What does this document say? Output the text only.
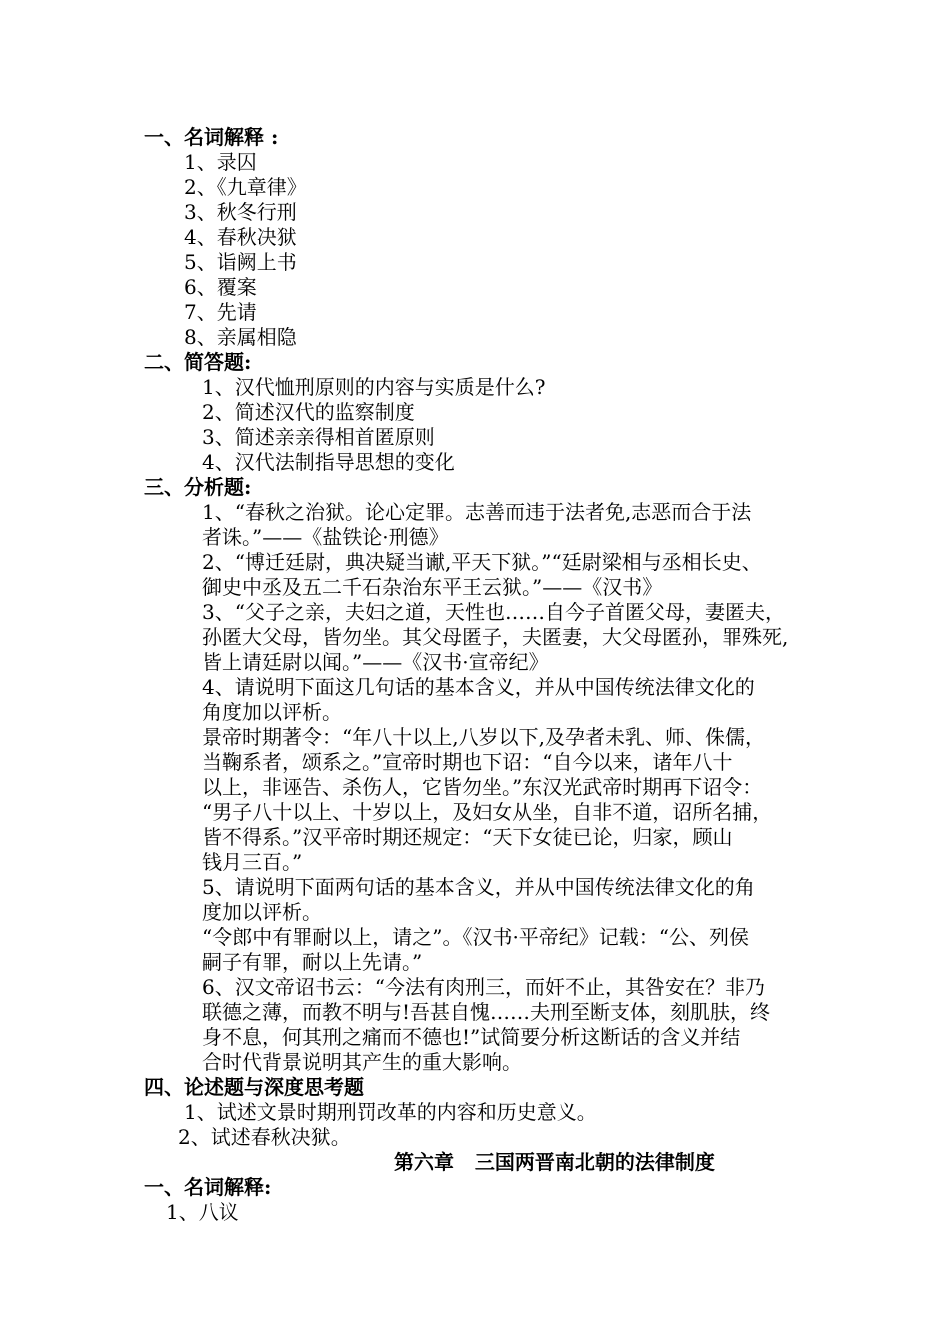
一、名词解释 :
1、录囚
2、《九章律》
3、秋冬行刑
4、春秋决狱
5、诣阙上书
6、覆案
7、先请
8、亲属相隐
二、简答题:
1、汉代恤刑原则的内容与实质是什么?
2、简述汉代的监察制度
3、简述亲亲得相首匿原则
4、汉代法制指导思想的变化
三、分析题:
1、“春秋之治狱。论心定罪。志善而违于法者免,志恶而合于法
者诛。”——《盐铁论·刑德》
2、“博迁廷尉，典决疑当谳,平天下狱。”“廷尉梁相与丞相长史、
御史中丞及五二千石杂治东平王云狱。”——《汉书》
3、“父子之亲，夫妇之道，天性也……自今子首匿父母，妻匿夫，
孙匿大父母，皆勿坐。其父母匿子，夫匿妻，大父母匿孙，罪殊死,
皆上请廷尉以闻。”——《汉书·宣帝纪》
4、请说明下面这几句话的基本含义，并从中国传统法律文化的
角度加以评析。
景帝时期著令：“年八十以上,八岁以下,及孕者未乳、师、侏儒，
当鞠系者，颂系之。”宣帝时期也下诏：“自今以来，诸年八十
以上，非诬告、杀伤人，它皆勿坐。”东汉光武帝时期再下诏令：
“男子八十以上、十岁以上，及妇女从坐，自非不道，诏所名捕，
皆不得系。”汉平帝时期还规定：“天下女徒已论，归家，顾山
钱月三百。”
5、请说明下面两句话的基本含义，并从中国传统法律文化的角
度加以评析。
“令郎中有罪耐以上，请之”。《汉书·平帝纪》记载：“公、列侯
嗣子有罪，耐以上先请。”
6、汉文帝诏书云：“今法有肉刑三，而奸不止，其咎安在？非乃
联德之薄，而教不明与!吾甚自愧……夫刑至断支体，刻肌肤，终
身不息，何其刑之痛而不德也!”试简要分析这断话的含义并结
合时代背景说明其产生的重大影响。
四、论述题与深度思考题
1、试述文景时期刑罚改革的内容和历史意义。
2、试述春秋决狱。
第六章   三国两晋南北朝的法律制度
一、名词解释:
1、八议
